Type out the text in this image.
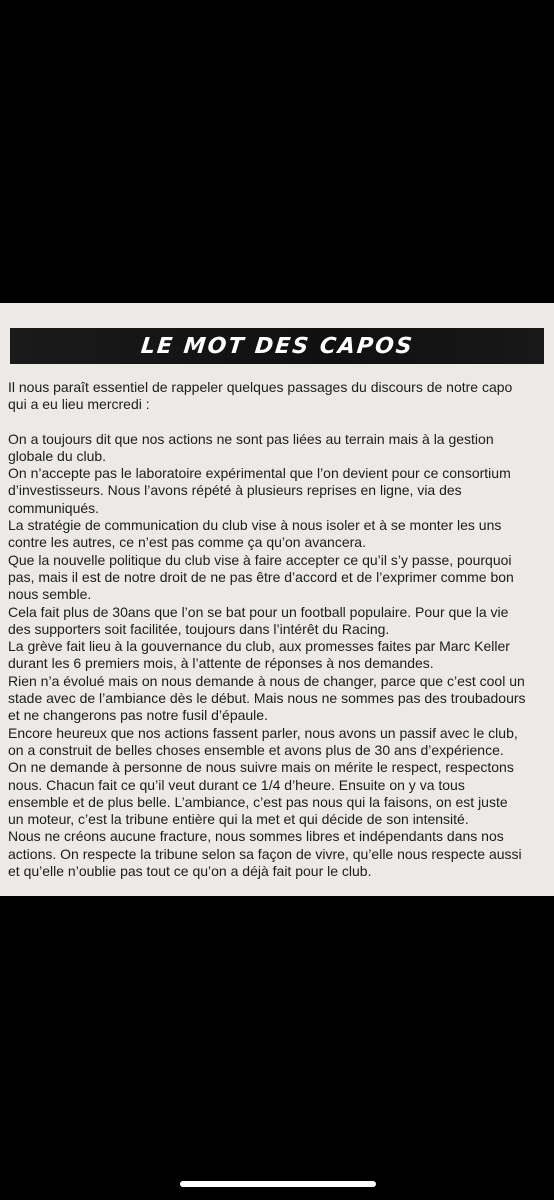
LE MOT DES CAPOS

Il nous paraît essentiel de rappeler quelques passages du discours de notre capo
qui a eu lieu mercredi :

On a toujours dit que nos actions ne sont pas liées au terrain mais à la gestion
globale du club.

On n’accepte pas le laboratoire expérimental que l’on devient pour ce consortium
d’investisseurs. Nous l’avons répété à plusieurs reprises en ligne, via des
communiqués.

La stratégie de communication du club vise à nous isoler et à se monter les uns
contre les autres, ce n’est pas comme ça qu’on avancera.

Que la nouvelle politique du club vise à faire accepter ce qu’il s’y passe, pourquoi
pas, mais il est de notre droit de ne pas être d’accord et de l’exprimer comme bon
nous semble.

Cela fait plus de 30ans que l’on se bat pour un football populaire. Pour que la vie
des supporters soit facilitée, toujours dans l’intérêt du Racing.

La grève fait lieu à la gouvernance du club, aux promesses faites par Marc Keller
durant les 6 premiers mois, à l’attente de réponses à nos demandes.

Rien n’a évolué mais on nous demande à nous de changer, parce que c’est cool un
stade avec de l’ambiance dès le début. Mais nous ne sommes pas des troubadours
et ne changerons pas notre fusil d’épaule.

Encore heureux que nos actions fassent parler, nous avons un passif avec le club,
on a construit de belles choses ensemble et avons plus de 30 ans d’expérience.

On ne demande à personne de nous suivre mais on mérite le respect, respectons
nous. Chacun fait ce qu’il veut durant ce 1/4 d’heure. Ensuite on y va tous
ensemble et de plus belle. L’ambiance, c’est pas nous qui la faisons, on est juste
un moteur, c’est la tribune entière qui la met et qui décide de son intensité.

Nous ne créons aucune fracture, nous sommes libres et indépendants dans nos
actions. On respecte la tribune selon sa façon de vivre, qu’elle nous respecte aussi
et qu’elle n’oublie pas tout ce qu’on a déjà fait pour le club.
